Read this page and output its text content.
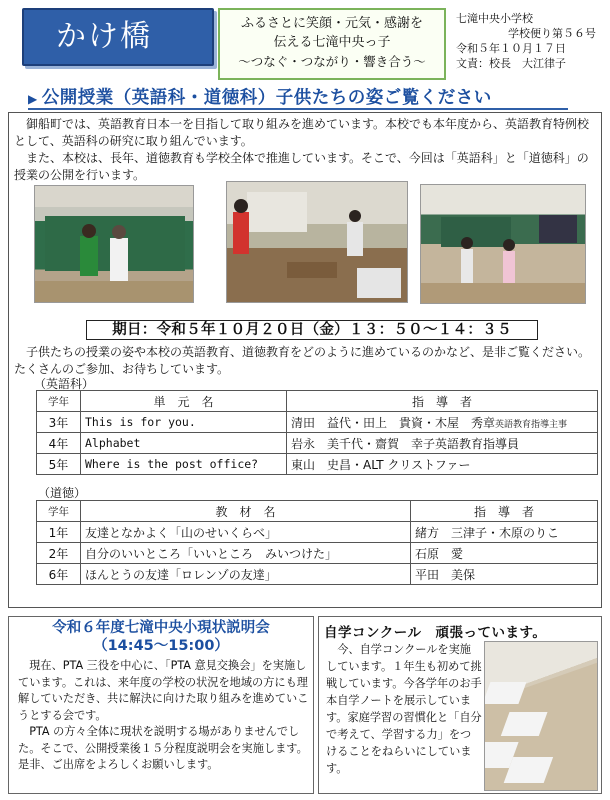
かけ橋	ふるさとに笑顔・元気・感謝を
伝える七滝中央っ子
～つなぐ・つながり・響き合う～
七滝中央小学校
学校便り第５６号
令和５年１０月１７日
文責：校長　大江律子
▶ 公開授業（英語科・道徳科）子供たちの姿ご覧ください
　御船町では、英語教育日本一を目指して取り組みを進めています。本校でも本年度から、英語教育特例校として、英語科の研究に取り組んでいます。
　また、本校は、長年、道徳教育も学校全体で推進しています。そこで、今回は「英語科」と「道徳科」の授業の公開を行います。
期日：令和５年１０月２０日（金）１３：５０～１４：３５
　子供たちの授業の姿や本校の英語教育、道徳教育をどのように進めているのかなど、是非ご覧ください。たくさんのご参加、お待ちしています。
（英語科）
学年	単　元　名	指　導　者
3年	This is for you.	清田　益代・田上　貴資・木屋　秀章英語教育指導主事
4年	Alphabet	岩永　美千代・齋賀　幸子英語教育指導員
5年	Where is the post office?	東山　史昌・ALT クリストファー
（道徳）
学年	教　材　名	指　導　者
1年	友達となかよく「山のせいくらべ」	緒方　三津子・木原のりこ
2年	自分のいいところ「いいところ　みいつけた」	石原　愛
6年	ほんとうの友達「ロレンゾの友達」	平田　美保
令和６年度七滝中央小現状説明会
（14:45～15:00）
　現在、PTA 三役を中心に、「PTA 意見交換会」を実施しています。これは、来年度の学校の状況を地域の方にも理解していただき、共に解決に向けた取り組みを進めていこうとする会です。
　PTA の方々全体に現状を説明する場がありませんでした。そこで、公開授業後１５分程度説明会を実施します。是非、ご出席をよろしくお願いします。
自学コンクール　頑張っています。
　今、自学コンクールを実施しています。１年生も初めて挑戦しています。今各学年のお手本自学ノートを展示しています。家庭学習の習慣化と「自分で考えて、学習する力」をつけることをねらいにしています。
